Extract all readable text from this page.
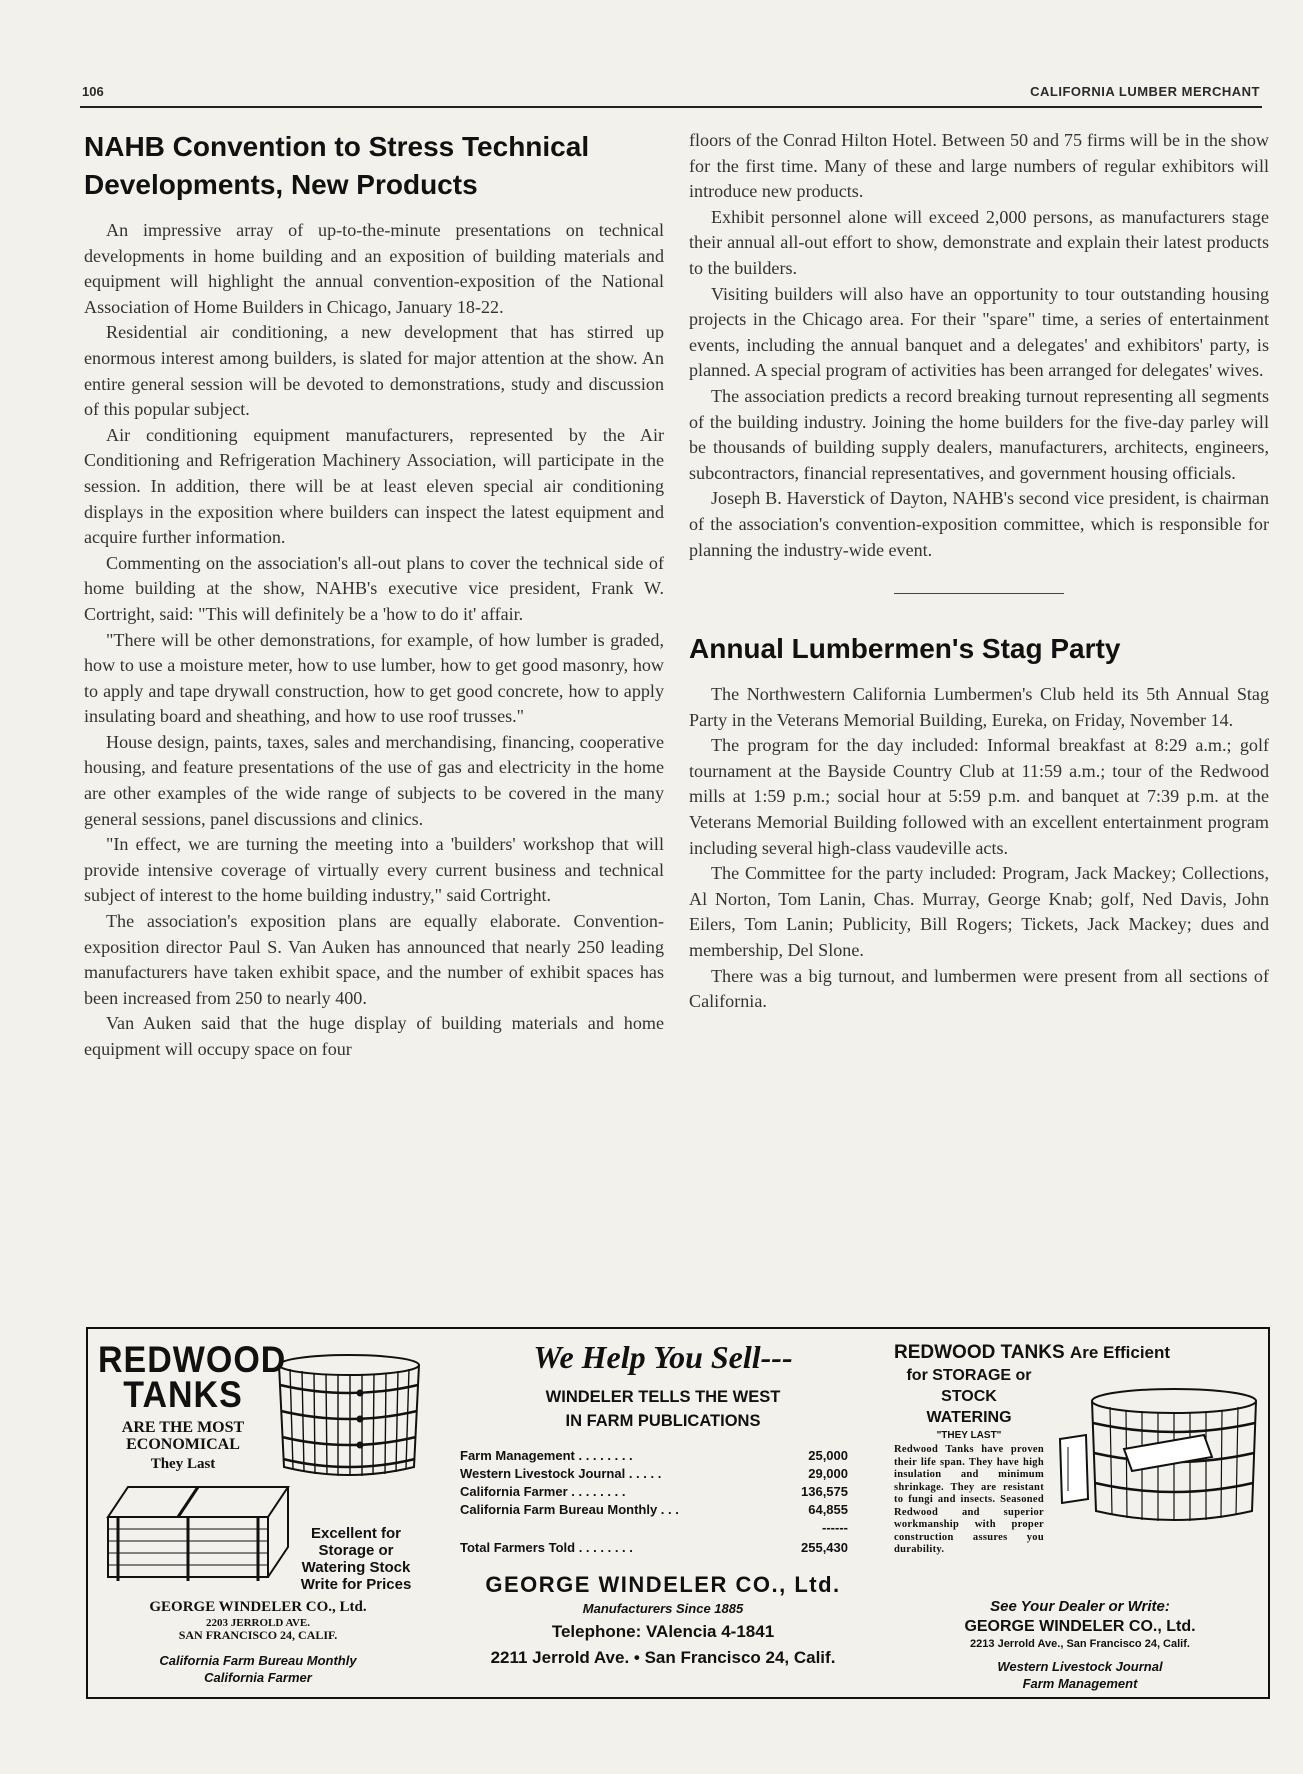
106	CALIFORNIA LUMBER MERCHANT
NAHB Convention to Stress Technical Developments, New Products

An impressive array of up-to-the-minute presentations on technical developments in home building and an exposition of building materials and equipment will highlight the annual convention-exposition of the National Association of Home Builders in Chicago, January 18-22.

Residential air conditioning, a new development that has stirred up enormous interest among builders, is slated for major attention at the show. An entire general session will be devoted to demonstrations, study and discussion of this popular subject.

Air conditioning equipment manufacturers, represented by the Air Conditioning and Refrigeration Machinery Association, will participate in the session. In addition, there will be at least eleven special air conditioning displays in the exposition where builders can inspect the latest equipment and acquire further information.

Commenting on the association's all-out plans to cover the technical side of home building at the show, NAHB's executive vice president, Frank W. Cortright, said: "This will definitely be a 'how to do it' affair.

"There will be other demonstrations, for example, of how lumber is graded, how to use a moisture meter, how to use lumber, how to get good masonry, how to apply and tape drywall construction, how to get good concrete, how to apply insulating board and sheathing, and how to use roof trusses."

House design, paints, taxes, sales and merchandising, financing, cooperative housing, and feature presentations of the use of gas and electricity in the home are other examples of the wide range of subjects to be covered in the many general sessions, panel discussions and clinics.

"In effect, we are turning the meeting into a 'builders' workshop that will provide intensive coverage of virtually every current business and technical subject of interest to the home building industry," said Cortright.

The association's exposition plans are equally elaborate. Convention-exposition director Paul S. Van Auken has announced that nearly 250 leading manufacturers have taken exhibit space, and the number of exhibit spaces has been increased from 250 to nearly 400.

Van Auken said that the huge display of building materials and home equipment will occupy space on four

floors of the Conrad Hilton Hotel. Between 50 and 75 firms will be in the show for the first time. Many of these and large numbers of regular exhibitors will introduce new products.

Exhibit personnel alone will exceed 2,000 persons, as manufacturers stage their annual all-out effort to show, demonstrate and explain their latest products to the builders.

Visiting builders will also have an opportunity to tour outstanding housing projects in the Chicago area. For their "spare" time, a series of entertainment events, including the annual banquet and a delegates' and exhibitors' party, is planned. A special program of activities has been arranged for delegates' wives.

The association predicts a record breaking turnout representing all segments of the building industry. Joining the home builders for the five-day parley will be thousands of building supply dealers, manufacturers, architects, engineers, subcontractors, financial representatives, and government housing officials.

Joseph B. Haverstick of Dayton, NAHB's second vice president, is chairman of the association's convention-exposition committee, which is responsible for planning the industry-wide event.

Annual Lumbermen's Stag Party

The Northwestern California Lumbermen's Club held its 5th Annual Stag Party in the Veterans Memorial Building, Eureka, on Friday, November 14.

The program for the day included: Informal breakfast at 8:29 a.m.; golf tournament at the Bayside Country Club at 11:59 a.m.; tour of the Redwood mills at 1:59 p.m.; social hour at 5:59 p.m. and banquet at 7:39 p.m. at the Veterans Memorial Building followed with an excellent entertainment program including several high-class vaudeville acts.

The Committee for the party included: Program, Jack Mackey; Collections, Al Norton, Tom Lanin, Chas. Murray, George Knab; golf, Ned Davis, John Eilers, Tom Lanin; Publicity, Bill Rogers; Tickets, Jack Mackey; dues and membership, Del Slone.

There was a big turnout, and lumbermen were present from all sections of California.

REDWOOD
TANKS
ARE THE MOST
ECONOMICAL
They Last
Excellent for
Storage or
Watering Stock
Write for Prices
GEORGE WINDELER CO., Ltd.
2203 JERROLD AVE.
SAN FRANCISCO 24, CALIF.
California Farm Bureau Monthly
California Farmer
We Help You Sell---
WINDELER TELLS THE WEST
IN FARM PUBLICATIONS
Farm Management . . . . . . . .	25,000
Western Livestock Journal . . . . .	29,000
California Farmer . . . . . . . .	136,575
California Farm Bureau Monthly . . .	64,855
------
Total Farmers Told . . . . . . . .	255,430
GEORGE WINDELER CO., Ltd.
Manufacturers Since 1885
Telephone: VAlencia 4-1841
2211 Jerrold Ave. • San Francisco 24, Calif.
REDWOOD TANKS Are Efficient
for STORAGE or
STOCK
WATERING
"THEY LAST"
Redwood Tanks have proven their life span. They have high insulation and minimum shrinkage. They are resistant to fungi and insects. Seasoned Redwood and superior workmanship with proper construction assures you durability.
See Your Dealer or Write:
GEORGE WINDELER CO., Ltd.
2213 Jerrold Ave., San Francisco 24, Calif.
Western Livestock Journal
Farm Management
